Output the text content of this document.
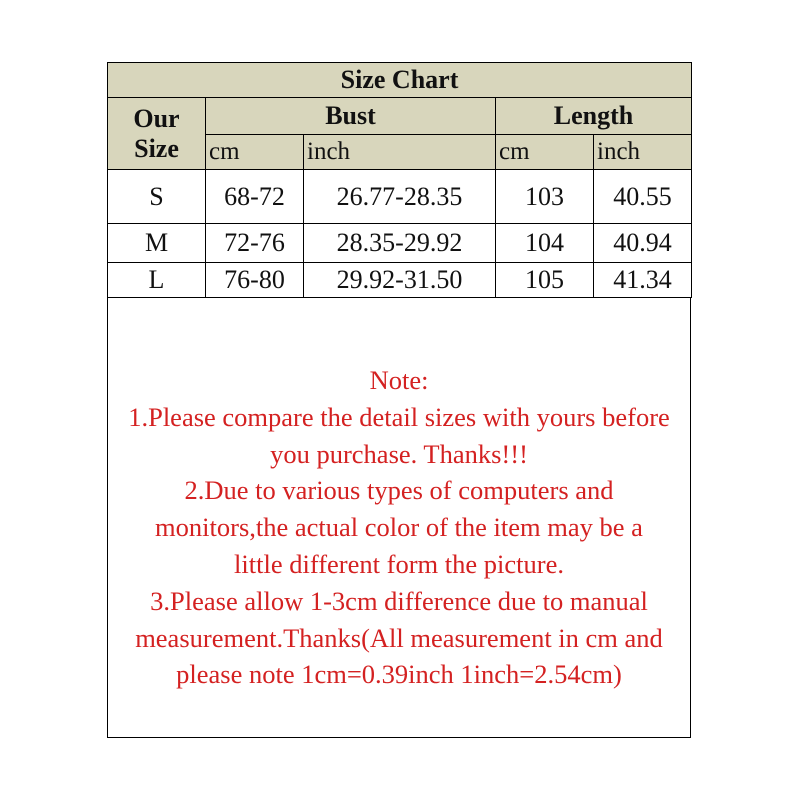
Size Chart				

Our
Size	Bust		Length	
	cm	inch	cm	inch
S	68-72	26.77-28.35	103	40.55
M	72-76	28.35-29.92	104	40.94
L	76-80	29.92-31.50	105	41.34
Note:
1.Please compare the detail sizes with yours before
you purchase. Thanks!!!
2.Due to various types of computers and
monitors,the actual color of the item may be a
little different form the picture.
3.Please allow 1-3cm difference due to manual
measurement.Thanks(All measurement in cm and
please note 1cm=0.39inch 1inch=2.54cm)
